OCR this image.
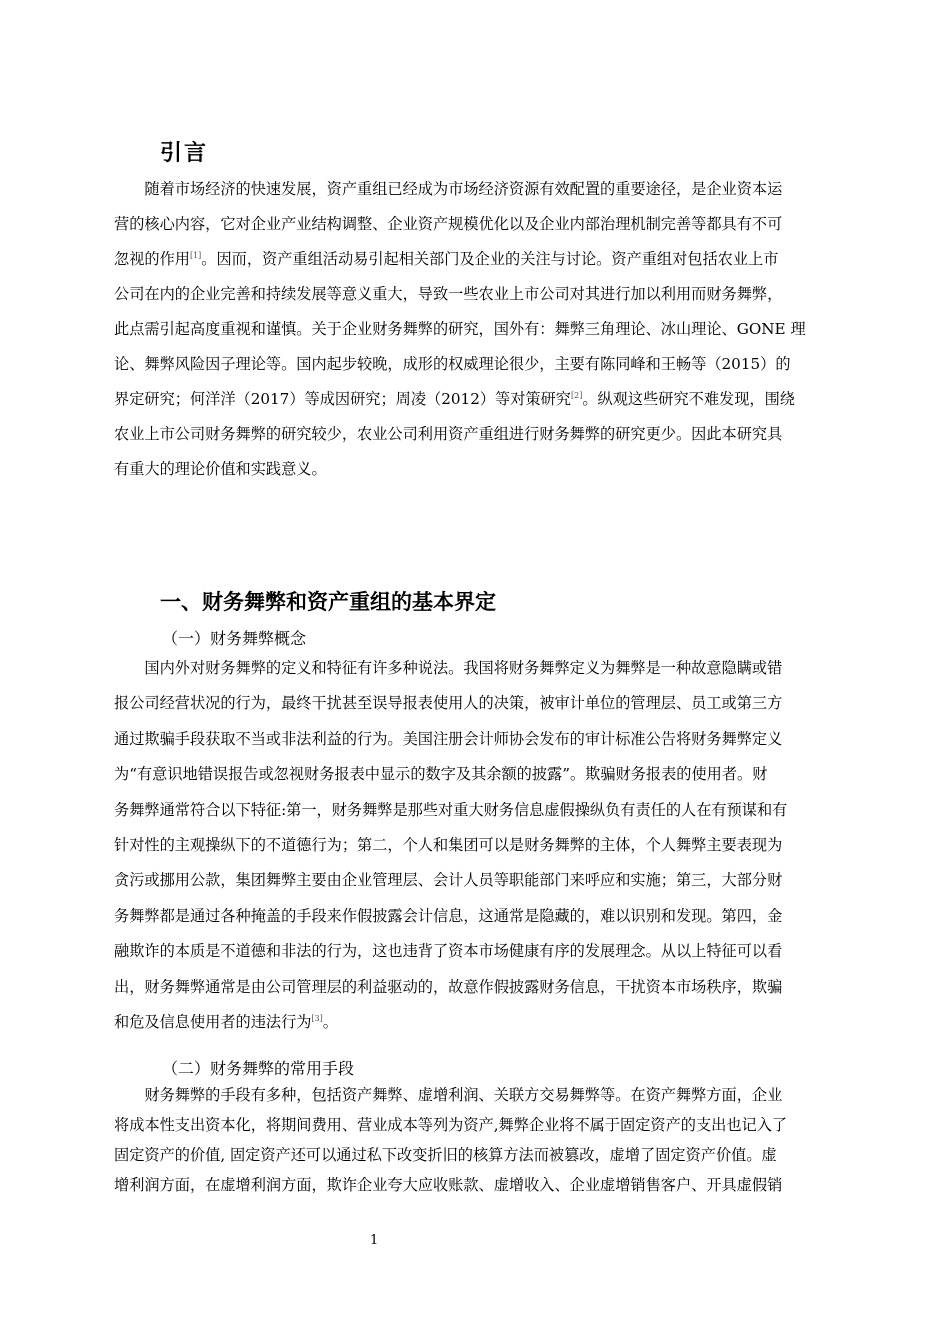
引言
随着市场经济的快速发展，资产重组已经成为市场经济资源有效配置的重要途径，是企业资本运
营的核心内容，它对企业产业结构调整、企业资产规模优化以及企业内部治理机制完善等都具有不可
忽视的作用[1]。因而，资产重组活动易引起相关部门及企业的关注与讨论。资产重组对包括农业上市
公司在内的企业完善和持续发展等意义重大，导致一些农业上市公司对其进行加以利用而财务舞弊，
此点需引起高度重视和谨慎。关于企业财务舞弊的研究，国外有：舞弊三角理论、冰山理论、GONE 理
论、舞弊风险因子理论等。国内起步较晚，成形的权威理论很少，主要有陈同峰和王畅等（2015）的
界定研究；何洋洋（2017）等成因研究；周凌（2012）等对策研究[2]。纵观这些研究不难发现，围绕
农业上市公司财务舞弊的研究较少，农业公司利用资产重组进行财务舞弊的研究更少。因此本研究具
有重大的理论价值和实践意义。
一、财务舞弊和资产重组的基本界定
（一）财务舞弊概念
国内外对财务舞弊的定义和特征有许多种说法。我国将财务舞弊定义为舞弊是一种故意隐瞒或错
报公司经营状况的行为，最终干扰甚至误导报表使用人的决策，被审计单位的管理层、员工或第三方
通过欺骗手段获取不当或非法利益的行为。美国注册会计师协会发布的审计标准公告将财务舞弊定义
为“有意识地错误报告或忽视财务报表中显示的数字及其余额的披露”。欺骗财务报表的使用者。财
务舞弊通常符合以下特征:第一，财务舞弊是那些对重大财务信息虚假操纵负有责任的人在有预谋和有
针对性的主观操纵下的不道德行为；第二，个人和集团可以是财务舞弊的主体，个人舞弊主要表现为
贪污或挪用公款，集团舞弊主要由企业管理层、会计人员等职能部门来呼应和实施；第三，大部分财
务舞弊都是通过各种掩盖的手段来作假披露会计信息，这通常是隐藏的，难以识别和发现。第四，金
融欺诈的本质是不道德和非法的行为，这也违背了资本市场健康有序的发展理念。从以上特征可以看
出，财务舞弊通常是由公司管理层的利益驱动的，故意作假披露财务信息，干扰资本市场秩序，欺骗
和危及信息使用者的违法行为[3]。
（二）财务舞弊的常用手段
财务舞弊的手段有多种，包括资产舞弊、虚增利润、关联方交易舞弊等。在资产舞弊方面，企业
将成本性支出资本化，将期间费用、营业成本等列为资产,舞弊企业将不属于固定资产的支出也记入了
固定资产的价值, 固定资产还可以通过私下改变折旧的核算方法而被篡改，虚增了固定资产价值。虚
增利润方面，在虚增利润方面，欺诈企业夸大应收账款、虚增收入、企业虚增销售客户、开具虚假销
1
